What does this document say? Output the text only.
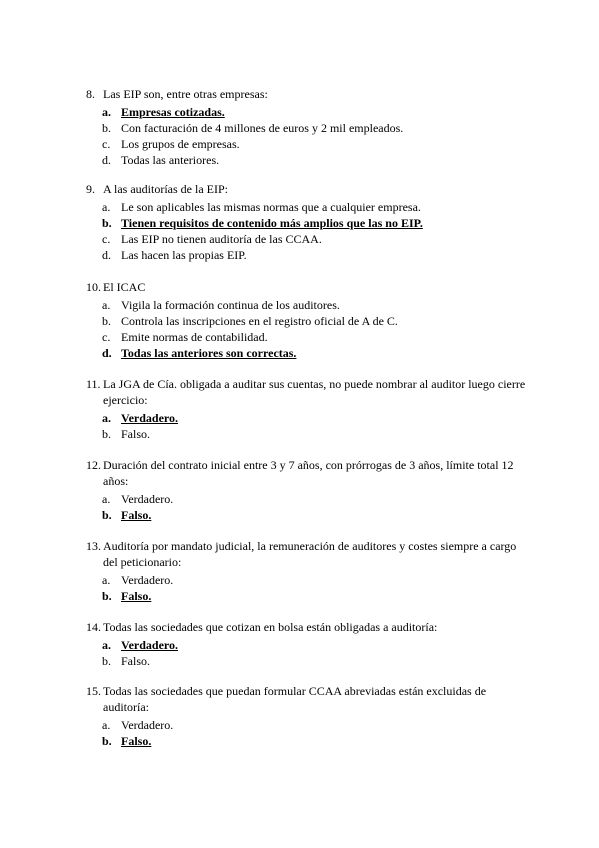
8. Las EIP son, entre otras empresas:
a. Empresas cotizadas.
b. Con facturación de 4 millones de euros y 2 mil empleados.
c. Los grupos de empresas.
d. Todas las anteriores.
9. A las auditorías de la EIP:
a. Le son aplicables las mismas normas que a cualquier empresa.
b. Tienen requisitos de contenido más amplios que las no EIP.
c. Las EIP no tienen auditoría de las CCAA.
d. Las hacen las propias EIP.
10. El ICAC
a. Vigila la formación continua de los auditores.
b. Controla las inscripciones en el registro oficial de A de C.
c. Emite normas de contabilidad.
d. Todas las anteriores son correctas.
11. La JGA de Cía. obligada a auditar sus cuentas, no puede nombrar al auditor luego cierre ejercicio:
a. Verdadero.
b. Falso.
12. Duración del contrato inicial entre 3 y 7 años, con prórrogas de 3 años, límite total 12 años:
a. Verdadero.
b. Falso.
13. Auditoría por mandato judicial, la remuneración de auditores y costes siempre a cargo del peticionario:
a. Verdadero.
b. Falso.
14. Todas las sociedades que cotizan en bolsa están obligadas a auditoría:
a. Verdadero.
b. Falso.
15. Todas las sociedades que puedan formular CCAA abreviadas están excluidas de auditoría:
a. Verdadero.
b. Falso.
